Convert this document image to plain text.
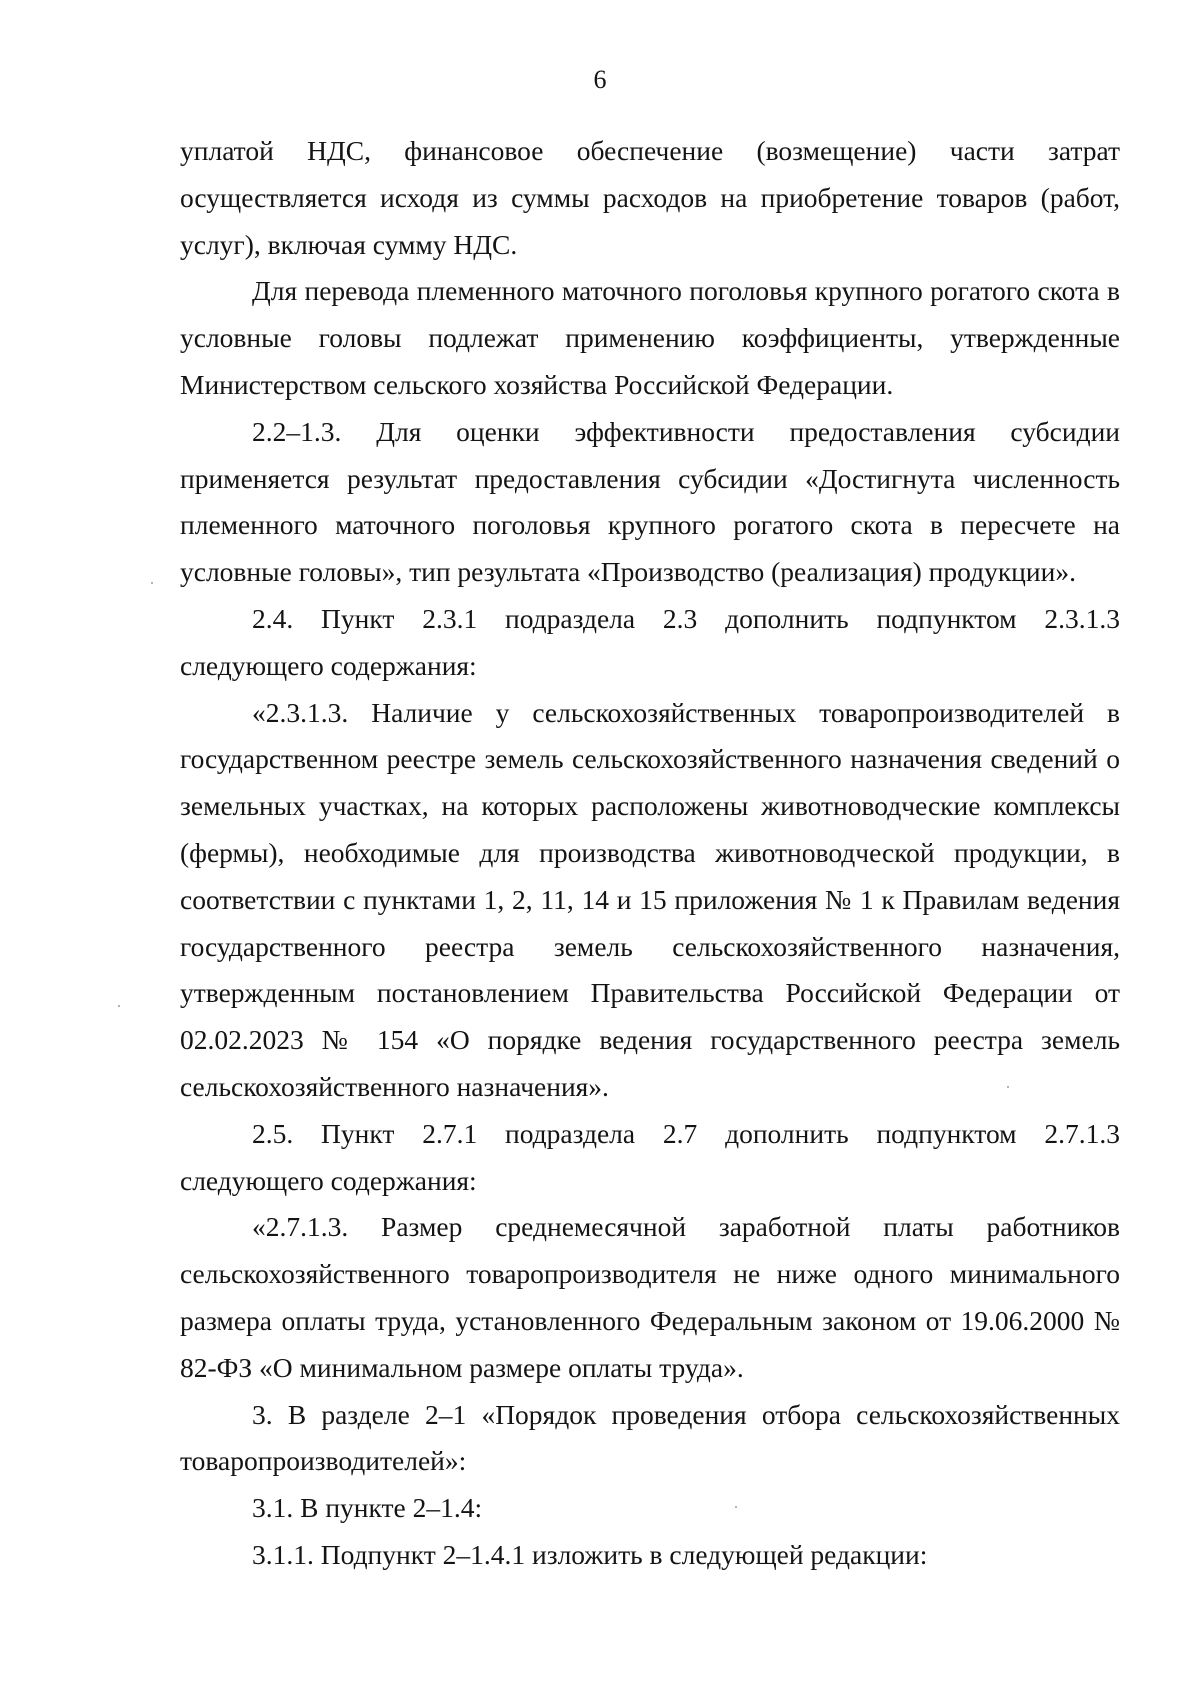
6

уплатой НДС, финансовое обеспечение (возмещение) части затрат осуществляется исходя из суммы расходов на приобретение товаров (работ, услуг), включая сумму НДС.

Для перевода племенного маточного поголовья крупного рогатого скота в условные головы подлежат применению коэффициенты, утвержденные Министерством сельского хозяйства Российской Федерации.

2.2–1.3. Для оценки эффективности предоставления субсидии применяется результат предоставления субсидии «Достигнута численность племенного маточного поголовья крупного рогатого скота в пересчете на условные головы», тип результата «Производство (реализация) продукции».

2.4. Пункт 2.3.1 подраздела 2.3 дополнить подпунктом 2.3.1.3 следующего содержания:

«2.3.1.3. Наличие у сельскохозяйственных товаропроизводителей в государственном реестре земель сельскохозяйственного назначения сведений о земельных участках, на которых расположены животноводческие комплексы (фермы), необходимые для производства животноводческой продукции, в соответствии с пунктами 1, 2, 11, 14 и 15 приложения № 1 к Правилам ведения государственного реестра земель сельскохозяйственного назначения, утвержденным постановлением Правительства Российской Федерации от 02.02.2023 № 154 «О порядке ведения государственного реестра земель сельскохозяйственного назначения».

2.5. Пункт 2.7.1 подраздела 2.7 дополнить подпунктом 2.7.1.3 следующего содержания:

«2.7.1.3. Размер среднемесячной заработной платы работников сельскохозяйственного товаропроизводителя не ниже одного минимального размера оплаты труда, установленного Федеральным законом от 19.06.2000 № 82-ФЗ «О минимальном размере оплаты труда».

3. В разделе 2–1 «Порядок проведения отбора сельскохозяйственных товаропроизводителей»:

3.1. В пункте 2–1.4:

3.1.1. Подпункт 2–1.4.1 изложить в следующей редакции:
